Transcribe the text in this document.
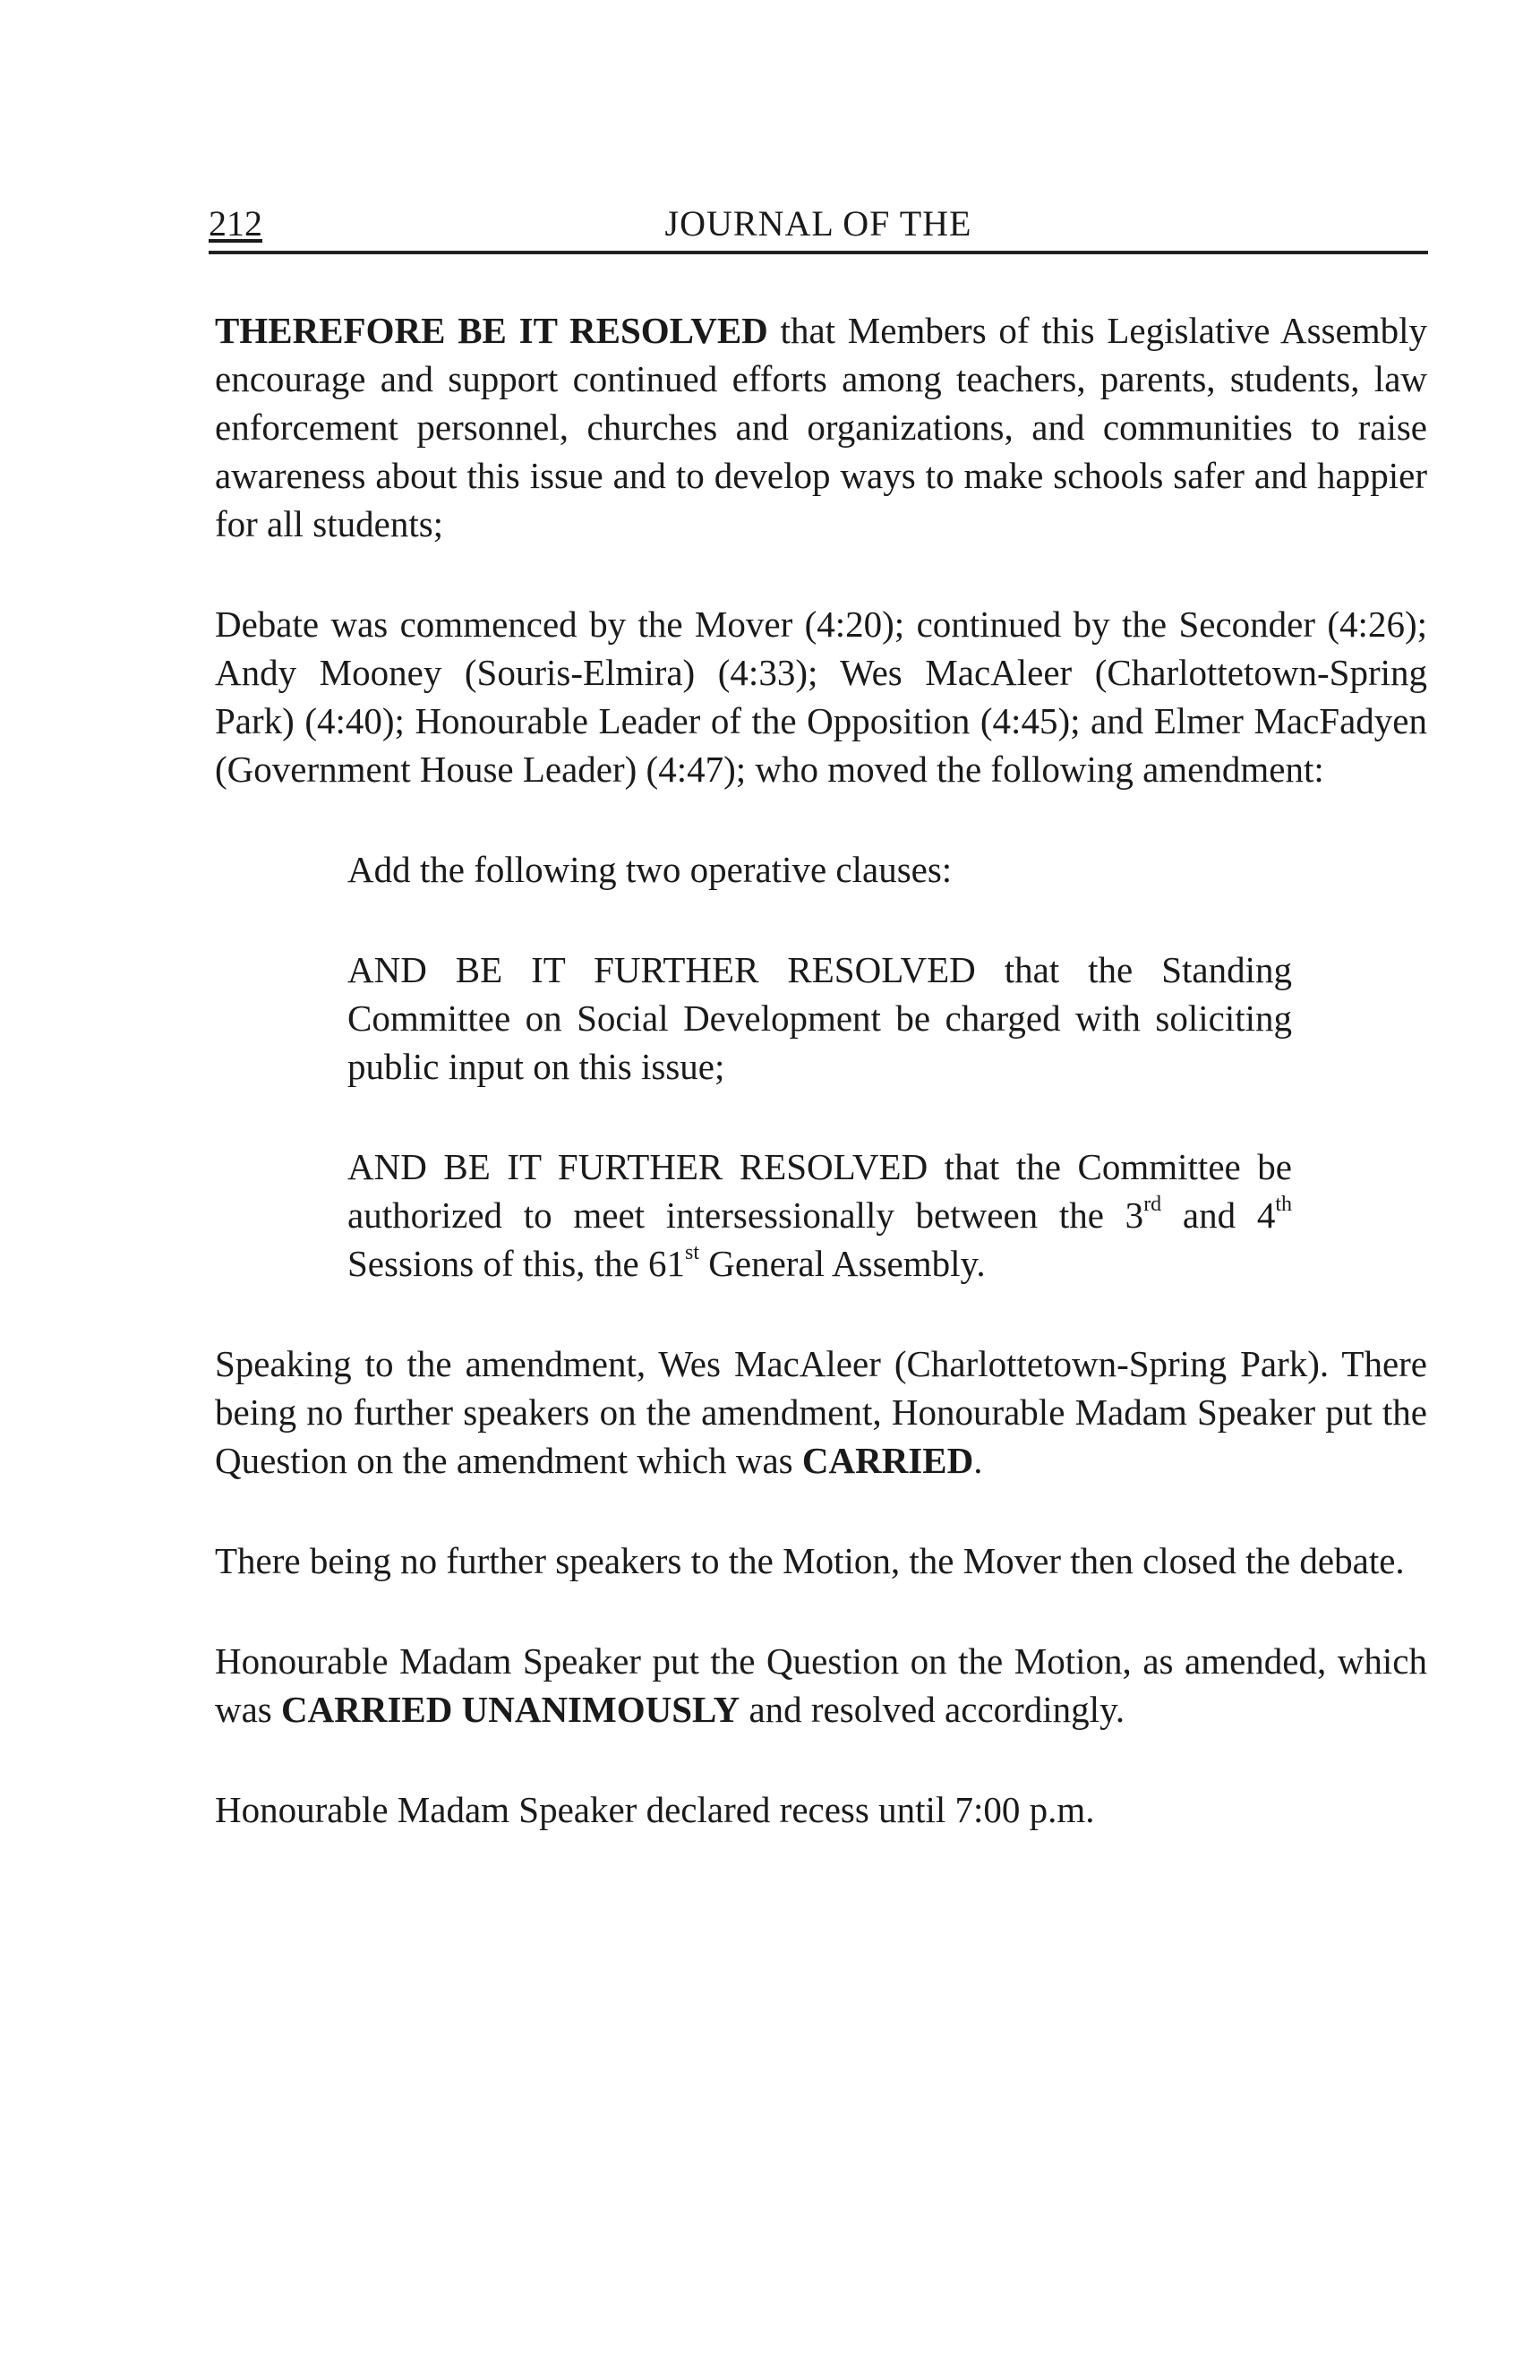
212	JOURNAL OF THE

THEREFORE BE IT RESOLVED that Members of this Legislative Assembly encourage and support continued efforts among teachers, parents, students, law enforcement personnel, churches and organizations, and communities to raise awareness about this issue and to develop ways to make schools safer and happier for all students;

Debate was commenced by the Mover (4:20); continued by the Seconder (4:26); Andy Mooney (Souris-Elmira) (4:33); Wes MacAleer (Charlottetown-Spring Park) (4:40); Honourable Leader of the Opposition (4:45); and Elmer MacFadyen (Government House Leader) (4:47); who moved the following amendment:

Add the following two operative clauses:

AND BE IT FURTHER RESOLVED that the Standing Committee on Social Development be charged with soliciting public input on this issue;

AND BE IT FURTHER RESOLVED that the Committee be authorized to meet intersessionally between the 3rd and 4th Sessions of this, the 61st General Assembly.

Speaking to the amendment, Wes MacAleer (Charlottetown-Spring Park). There being no further speakers on the amendment, Honourable Madam Speaker put the Question on the amendment which was CARRIED.

There being no further speakers to the Motion, the Mover then closed the debate.

Honourable Madam Speaker put the Question on the Motion, as amended, which was CARRIED UNANIMOUSLY and resolved accordingly.

Honourable Madam Speaker declared recess until 7:00 p.m.
